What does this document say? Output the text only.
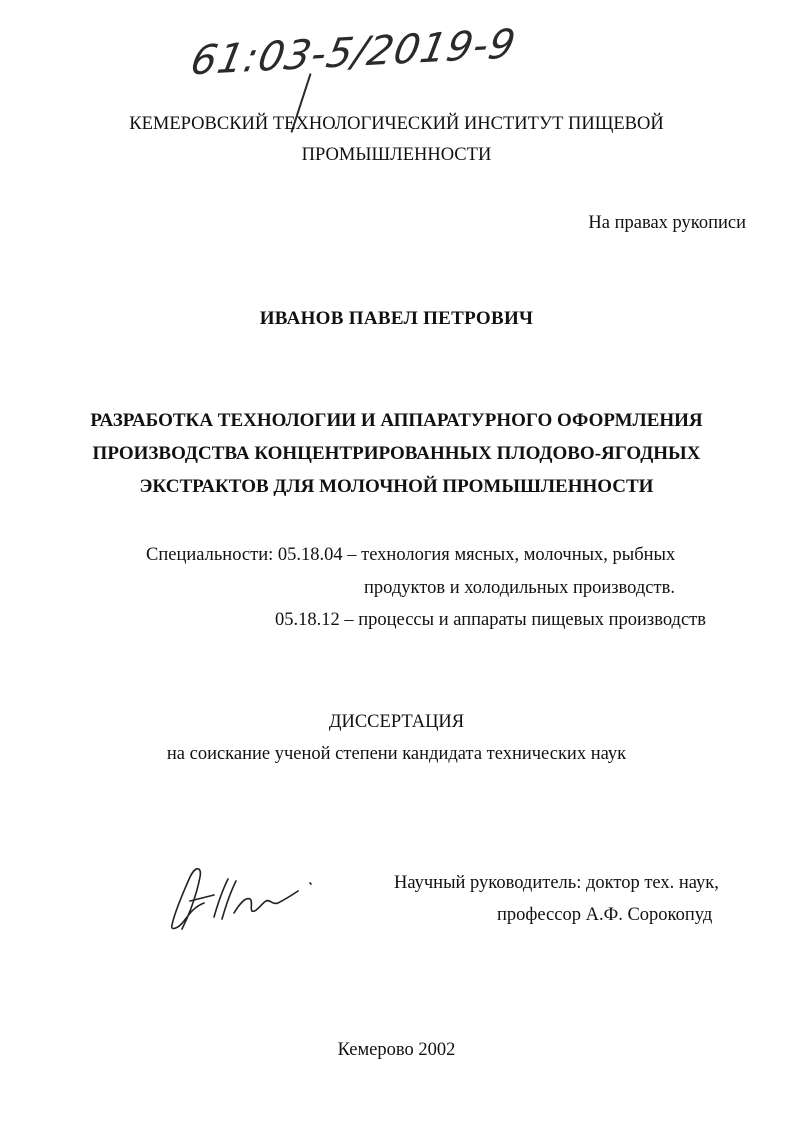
61:03-5/2019-9
КЕМЕРОВСКИЙ ТЕХНОЛОГИЧЕСКИЙ ИНСТИТУТ ПИЩЕВОЙ
ПРОМЫШЛЕННОСТИ
На правах рукописи
ИВАНОВ ПАВЕЛ ПЕТРОВИЧ
РАЗРАБОТКА ТЕХНОЛОГИИ И АППАРАТУРНОГО ОФОРМЛЕНИЯ
ПРОИЗВОДСТВА КОНЦЕНТРИРОВАННЫХ ПЛОДОВО-ЯГОДНЫХ
ЭКСТРАКТОВ ДЛЯ МОЛОЧНОЙ ПРОМЫШЛЕННОСТИ
Специальности: 05.18.04 – технология мясных, молочных, рыбных
продуктов и холодильных производств.
05.18.12 – процессы и аппараты пищевых производств
ДИССЕРТАЦИЯ
на соискание ученой степени кандидата технических наук
Научный руководитель: доктор тех. наук,
профессор А.Ф. Сорокопуд
Кемерово 2002
